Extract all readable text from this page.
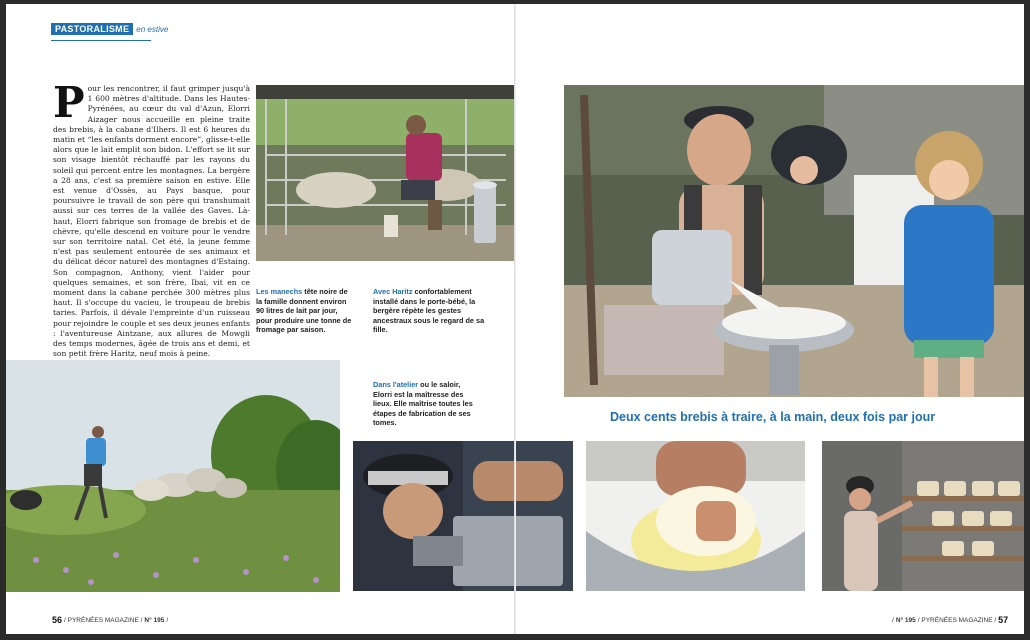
PASTORALISME en estive
Pour les rencontrer, il faut grimper jusqu'à 1 600 mètres d'altitude. Dans les Hautes-Pyrénées, au cœur du val d'Azun, Elorri Aizager nous accueille en pleine traite des brebis, à la cabane d'Ilhers. Il est 6 heures du matin et “les enfants dorment encore”, glisse-t-elle alors que le lait emplit son bidon. L'effort se lit sur son visage bientôt réchauffé par les rayons du soleil qui percent entre les montagnes. La bergère a 28 ans, c'est sa première saison en estive. Elle est venue d'Ossès, au Pays basque, pour poursuivre le travail de son père qui transhumait aussi sur ces terres de la vallée des Gaves. Là-haut, Elorri fabrique son fromage de brebis et de chèvre, qu'elle descend en voiture pour le vendre sur son territoire natal. Cet été, la jeune femme n'est pas seulement entourée de ses animaux et du délicat décor naturel des montagnes d'Estaing. Son compagnon, Anthony, vient l'aider pour quelques semaines, et son frère, Ibai, vit en ce moment dans la cabane perchée 300 mètres plus haut. Il s'occupe du vacieu, le troupeau de brebis taries. Parfois, il dévale l'empreinte d'un ruisseau pour rejoindre le couple et ses deux jeunes enfants : l'aventureuse Aintzane, aux allures de Mowgli des temps modernes, âgée de trois ans et demi, et son petit frère Haritz, neuf mois à peine.
Les manechs tête noire de la famille donnent environ 90 litres de lait par jour, pour produire une tonne de fromage par saison.
Avec Haritz confortablement installé dans le porte-bébé, la bergère répète les gestes ancestraux sous le regard de sa fille.
Dans l'atelier ou le saloir, Elorri est la maîtresse des lieux. Elle maîtrise toutes les étapes de fabrication de ses tomes.	Deux cents brebis à traire, à la main, deux fois par jour
56 / PYRÉNÉES MAGAZINE / N° 195 /	/ N° 195 / PYRÉNÉES MAGAZINE / 57
